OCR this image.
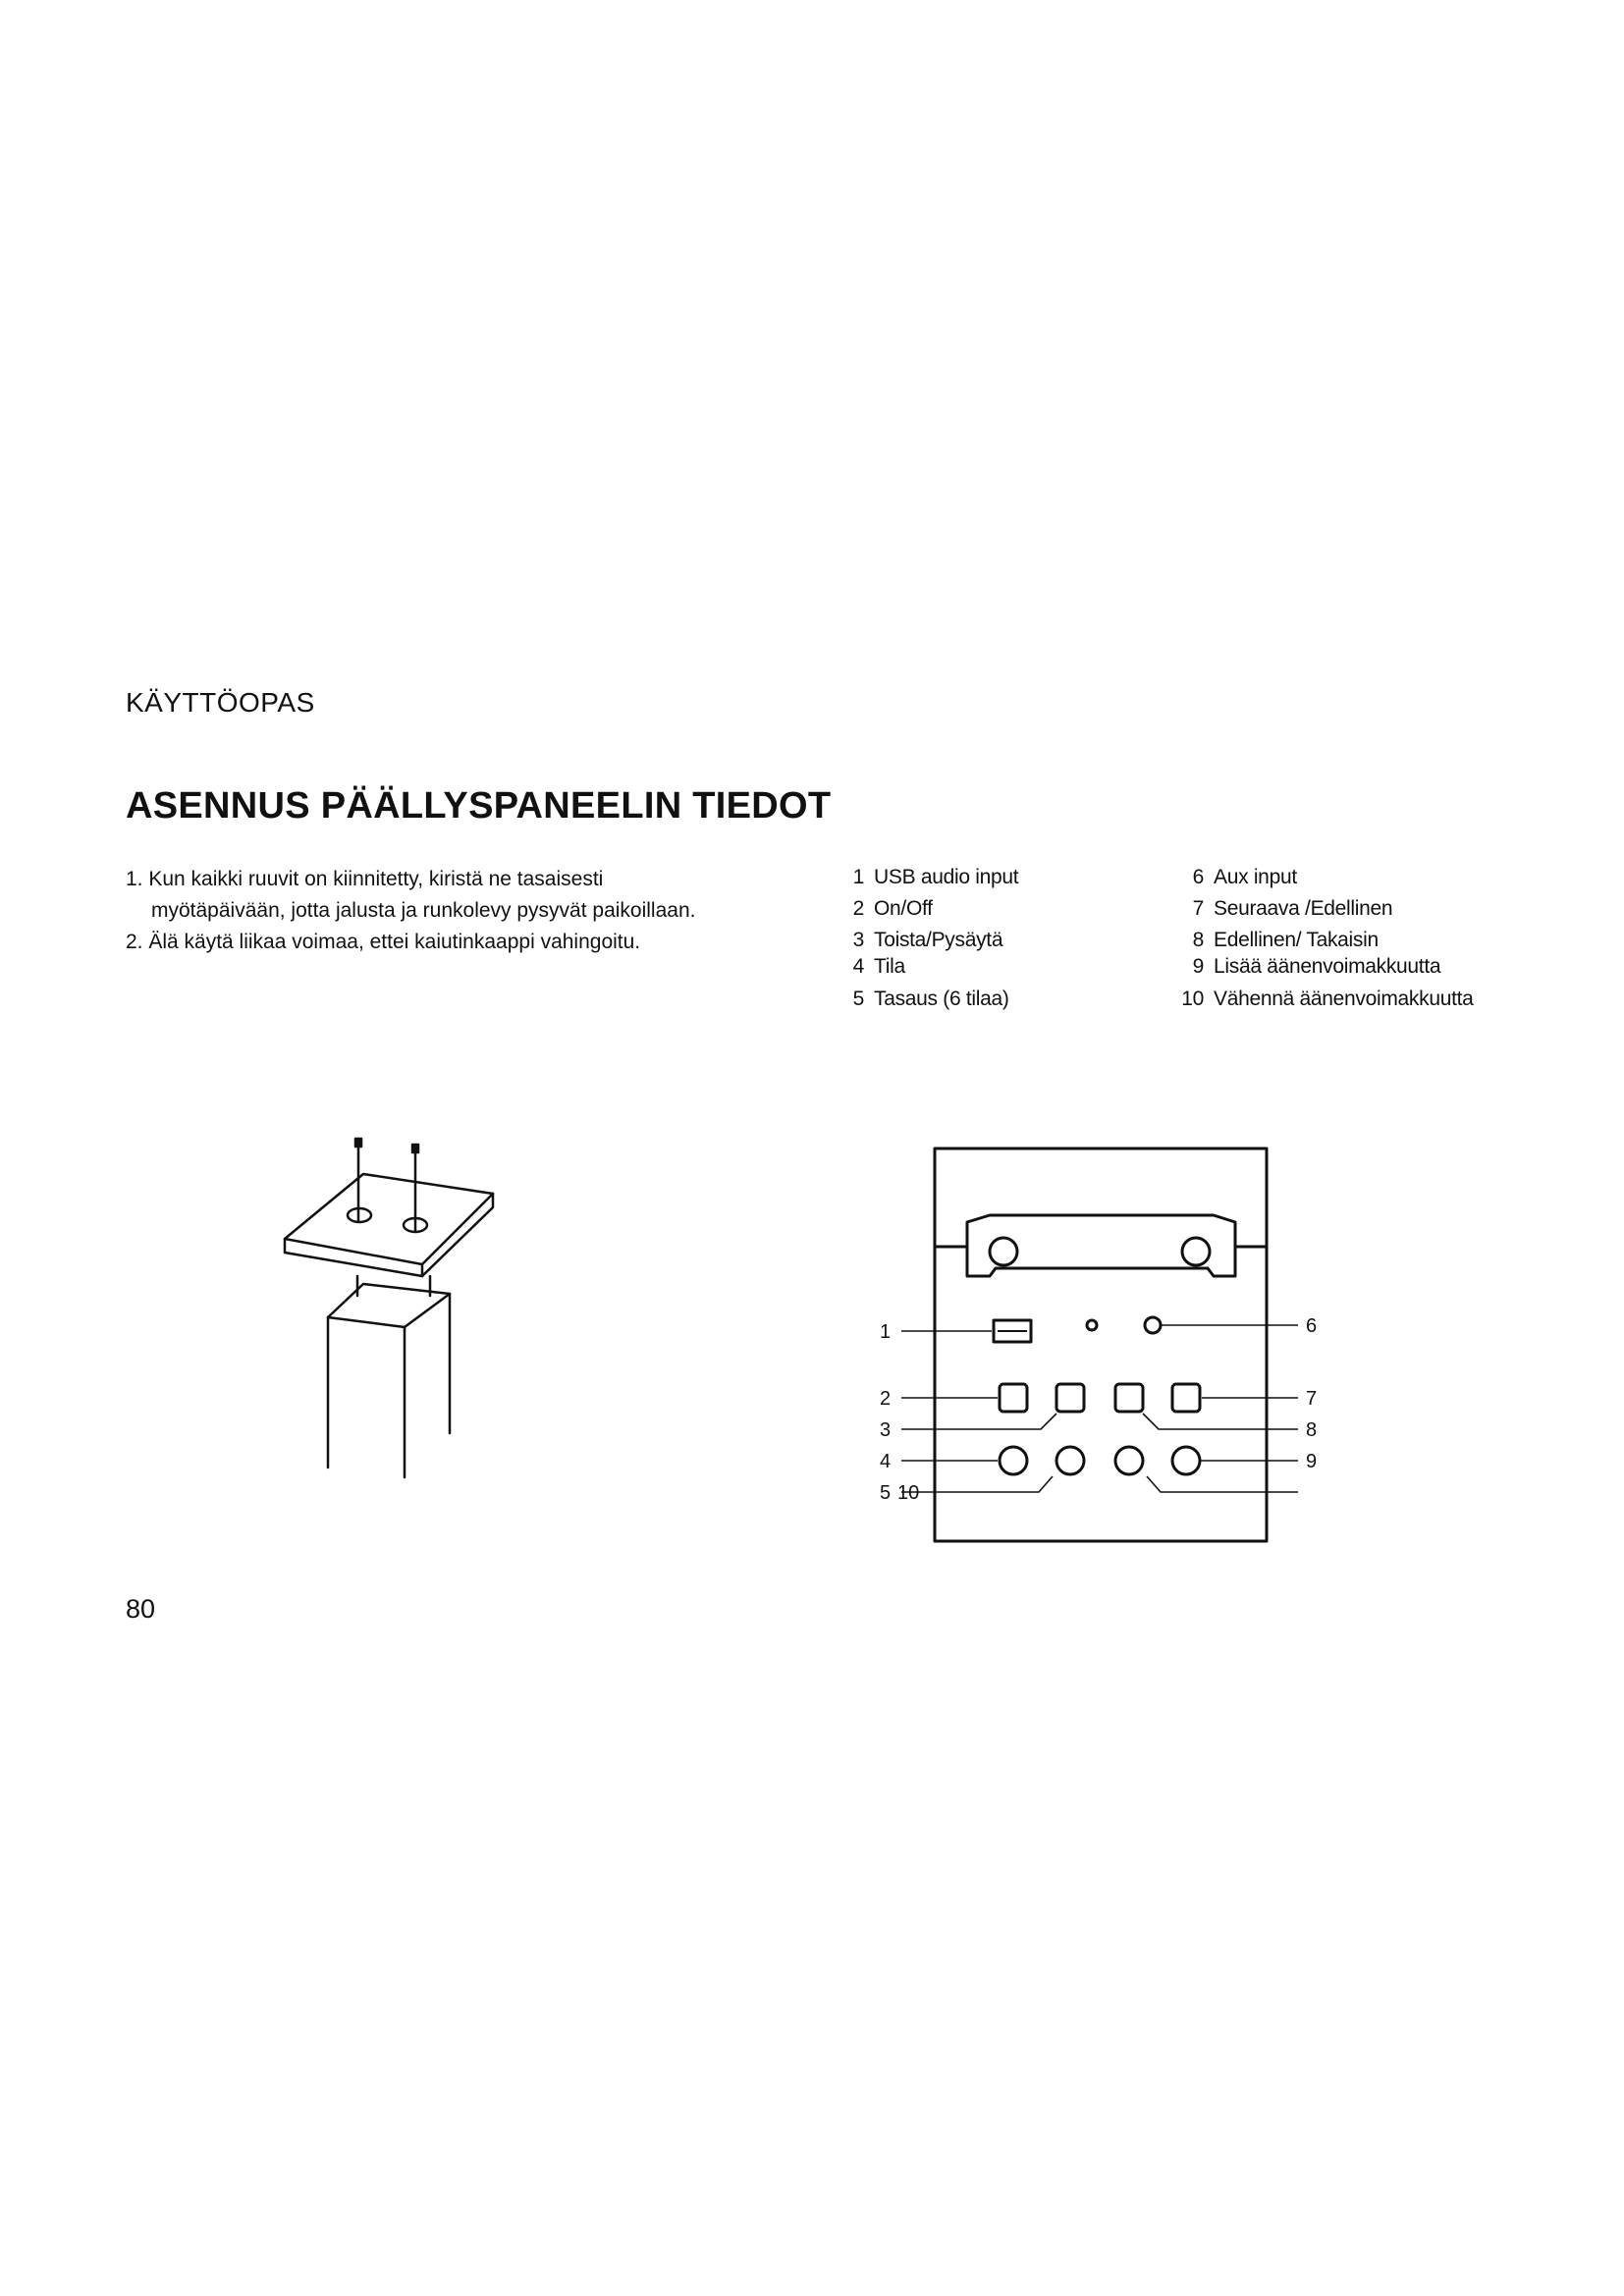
KÄYTTÖOPAS
ASENNUS PÄÄLLYSPANEELIN TIEDOT
1. Kun kaikki ruuvit on kiinnitetty, kiristä ne tasaisesti
myötäpäivään, jotta jalusta ja runkolevy pysyvät paikoillaan.
2. Älä käytä liikaa voimaa, ettei kaiutinkaappi vahingoitu.
1 USB audio input
2 On/Off
3 Toista/Pysäytä
4 Tila
5 Tasaus (6 tilaa)
6 Aux input
7 Seuraava /Edellinen
8 Edellinen/ Takaisin
9 Lisää äänenvoimakkuutta
10 Vähennä äänenvoimakkuutta
1	6
2	7
3	8
4	9
5 10
80
